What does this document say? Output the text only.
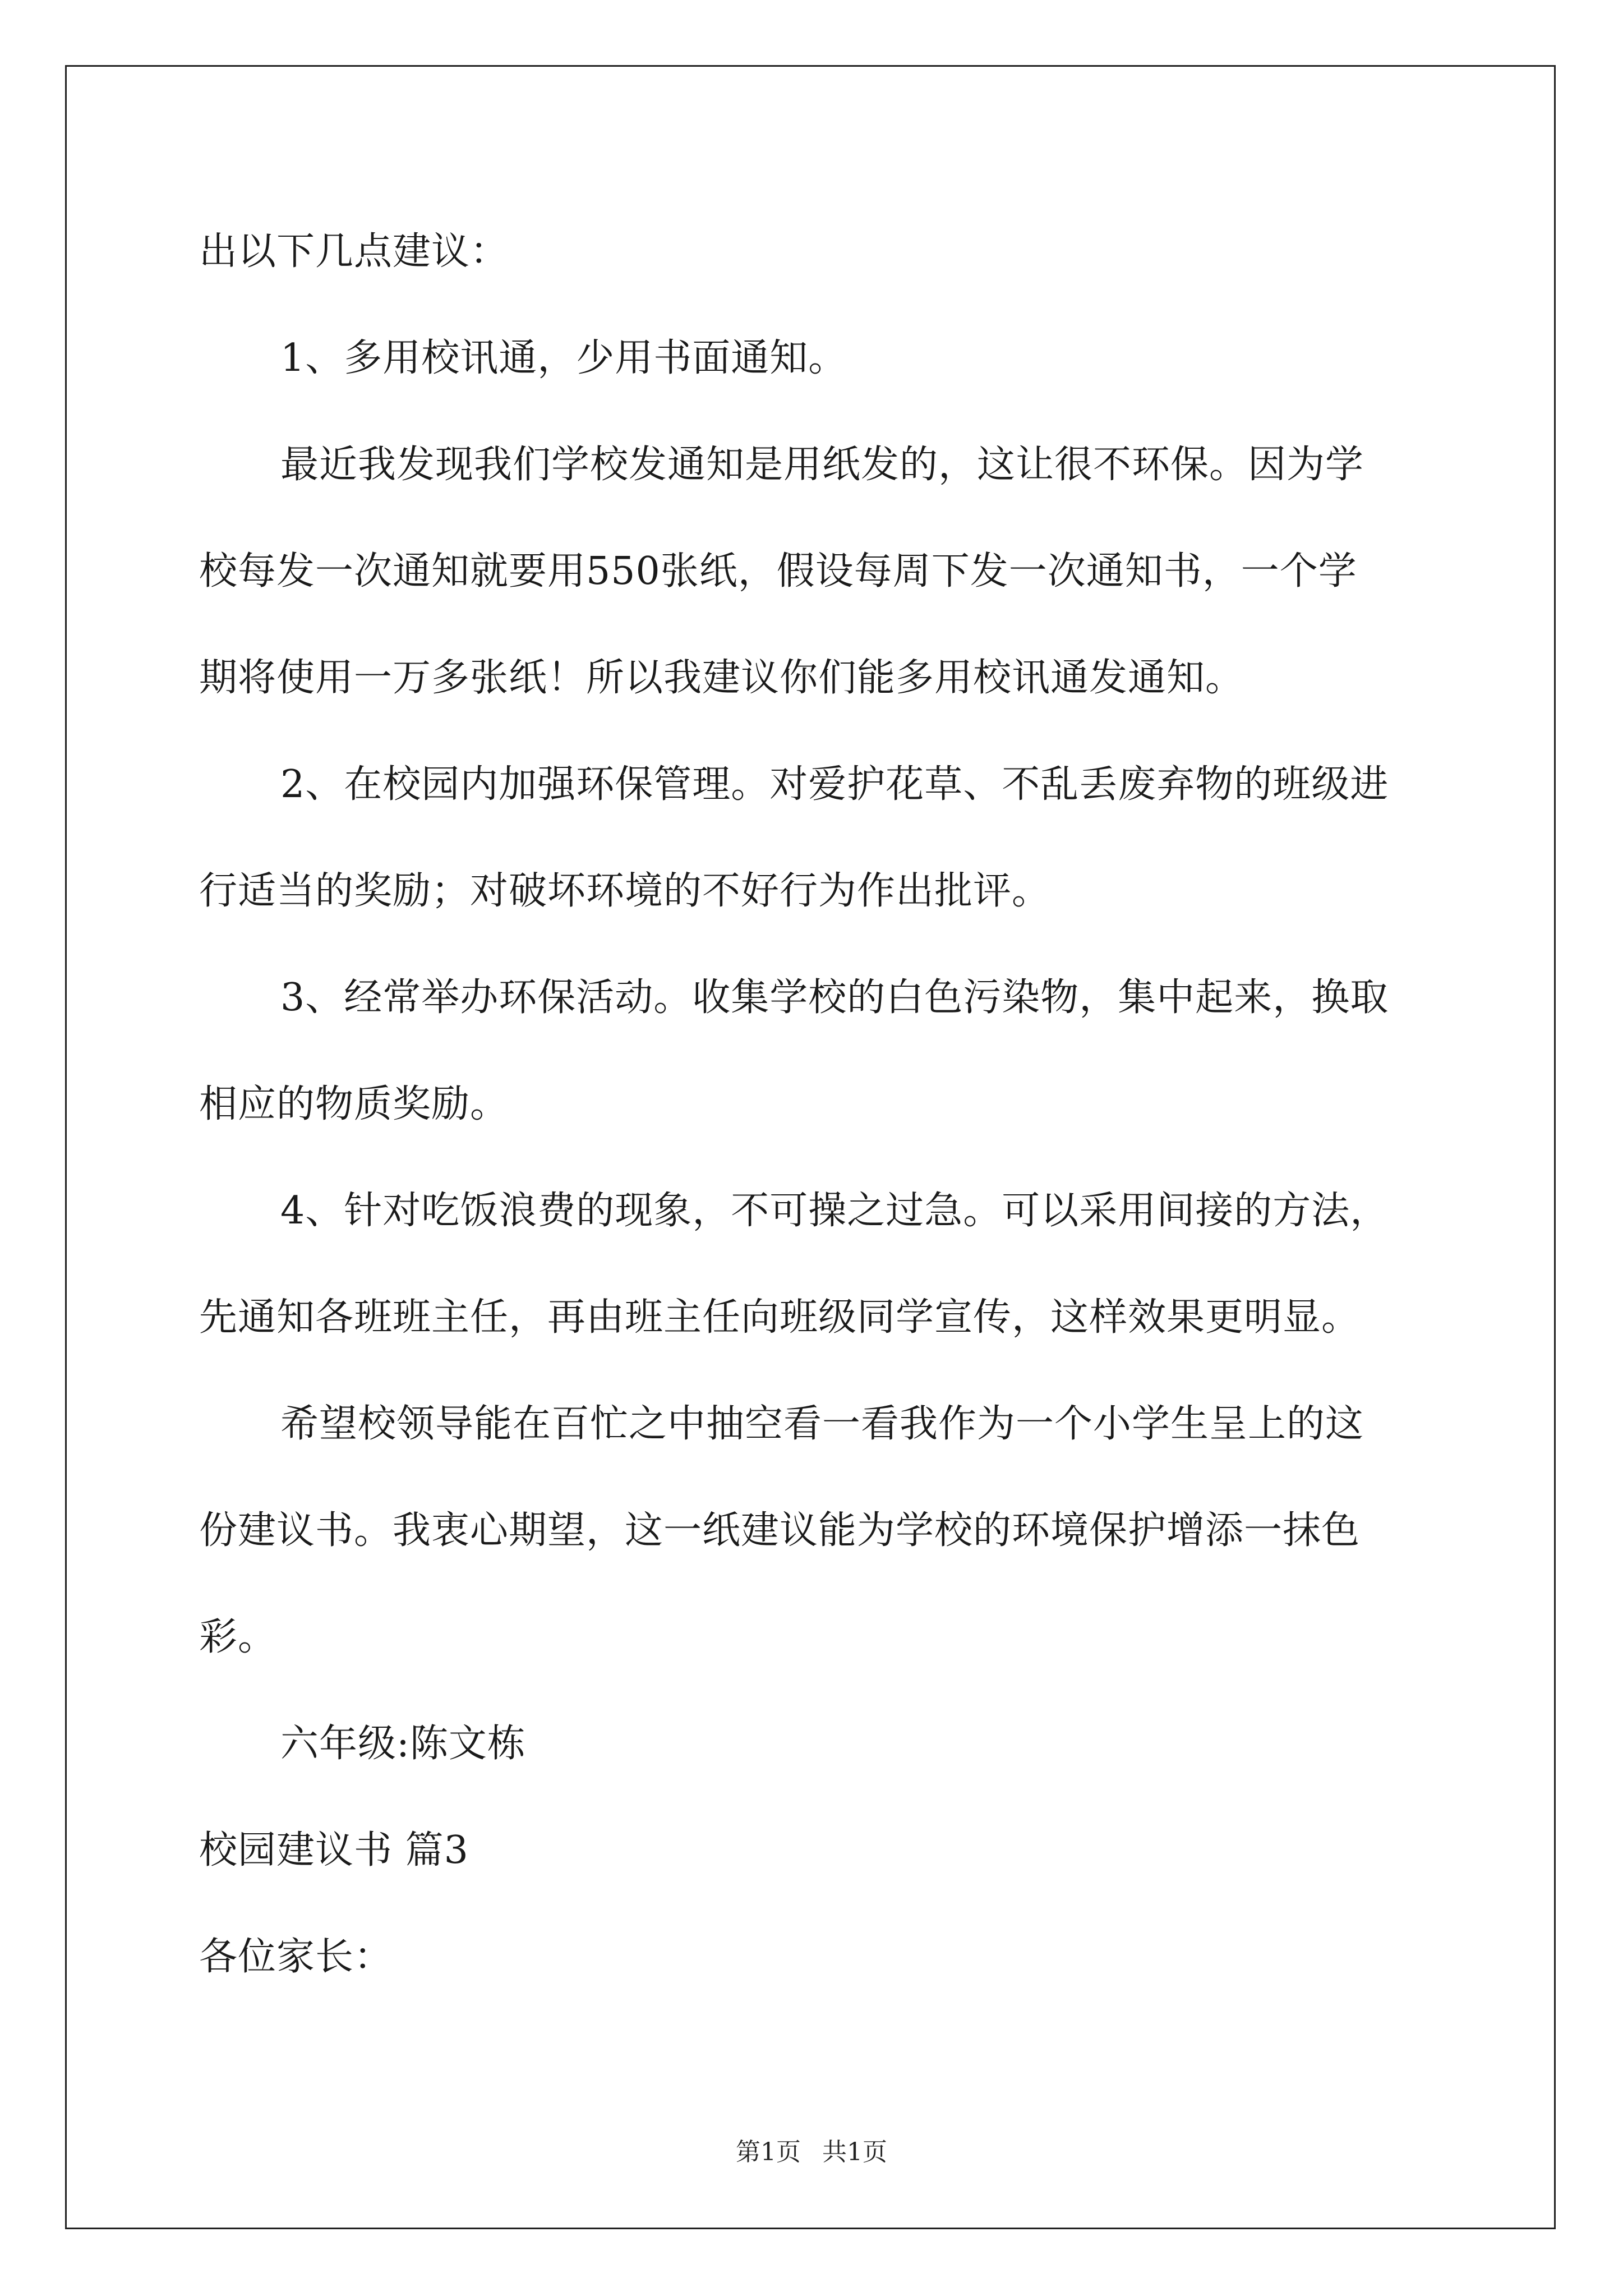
出以下几点建议：
1、多用校讯通，少用书面通知。
最近我发现我们学校发通知是用纸发的，这让很不环保。因为学
校每发一次通知就要用550张纸，假设每周下发一次通知书，一个学
期将使用一万多张纸！所以我建议你们能多用校讯通发通知。
2、在校园内加强环保管理。对爱护花草、不乱丢废弃物的班级进
行适当的奖励；对破坏环境的不好行为作出批评。
3、经常举办环保活动。收集学校的白色污染物，集中起来，换取
相应的物质奖励。
4、针对吃饭浪费的现象，不可操之过急。可以采用间接的方法，
先通知各班班主任，再由班主任向班级同学宣传，这样效果更明显。
希望校领导能在百忙之中抽空看一看我作为一个小学生呈上的这
份建议书。我衷心期望，这一纸建议能为学校的环境保护增添一抹色
彩。
六年级:陈文栋
校园建议书 篇3
各位家长：
第1页 共1页
